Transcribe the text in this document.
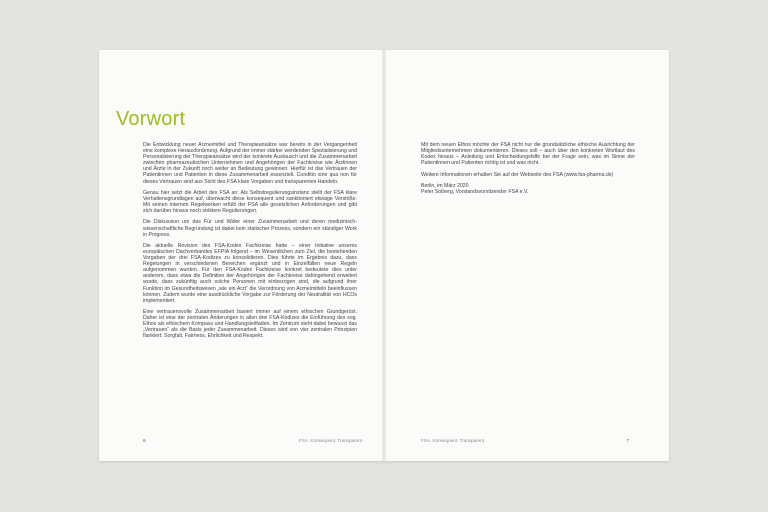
Vorwort

Die Entwicklung neuer Arzneimittel und Therapieansätze war bereits in der Vergangenheit eine komplexe Herausforderung. Aufgrund der immer stärker werdenden Spezialisierung und Personalisierung der Therapieansätze wird der konkrete Austausch und die Zusammenarbeit zwischen pharmazeutischen Unternehmen und Angehörigen der Fachkreise wie Ärztinnen und Ärzte in der Zukunft noch weiter an Bedeutung gewinnen. Hierfür ist das Vertrauen der Patientinnen und Patienten in diese Zusammenarbeit essenziell. Conditio sine qua non für dieses Vertrauen sind aus Sicht des FSA klare Vorgaben und transparentes Handeln.

Genau hier setzt die Arbeit des FSA an: Als Selbstregulierungsinstanz stellt der FSA klare Verhaltensgrundlagen auf, überwacht diese konsequent und sanktioniert etwaige Verstöße. Mit seinen internen Regelwerken erfüllt der FSA alle gesetzlichen Anforderungen und gibt sich darüber hinaus noch striktere Regulierungen.

Die Diskussion um das Für und Wider einer Zusammenarbeit und deren medizinisch-wissenschaftliche Begründung ist dabei kein statischer Prozess, sondern ein ständiger Work in Progress.

Die aktuelle Revision des FSA-Kodex Fachkreise hatte – einer Initiative unseres europäischen Dachverbandes EFPIA folgend – im Wesentlichen zum Ziel, die bestehenden Vorgaben der drei FSA-Kodizes zu konsolidieren. Dies führte im Ergebnis dazu, dass Regelungen in verschiedenen Bereichen ergänzt und in Einzelfällen neue Regeln aufgenommen wurden. Für den FSA-Kodex Fachkreise konkret bedeutete dies unter anderem, dass etwa die Definition der Angehörigen der Fachkreise dahingehend erweitert wurde, dass zukünftig auch solche Personen mit einbezogen sind, die aufgrund ihrer Funktion im Gesundheitswesen „wie ein Arzt“ die Verordnung von Arzneimitteln beeinflussen können. Zudem wurde eine ausdrückliche Vorgabe zur Förderung der Neutralität von HCOs implementiert.

Eine vertrauensvolle Zusammenarbeit basiert immer auf einem ethischen Grundgerüst. Daher ist eine der zentralen Änderungen in allen drei FSA-Kodizes die Einführung des sog. Ethos als ethischem Kompass und Handlungsleitfaden. Im Zentrum steht dabei bewusst das „Vertrauen“ als die Basis jeder Zusammenarbeit. Dieses wird von vier zentralen Prinzipien flankiert: Sorgfalt, Fairness, Ehrlichkeit und Respekt.

6	FSA. Konsequent. Transparent

Mit dem neuen Ethos möchte der FSA nicht nur die grundsätzliche ethische Ausrichtung der Mitgliedsunternehmen dokumentieren. Dieses soll – auch über den konkreten Wortlaut des Kodex hinaus – Anleitung und Entscheidungshilfe bei der Frage sein, was im Sinne der Patientinnen und Patienten richtig ist und was nicht.

Weitere Informationen erhalten Sie auf der Webseite des FSA (www.fsa-pharma.de)

Berlin, im März 2020

Peter Solberg, Vorstandsvorsitzender FSA e.V.

FSA. Konsequent. Transparent	7
